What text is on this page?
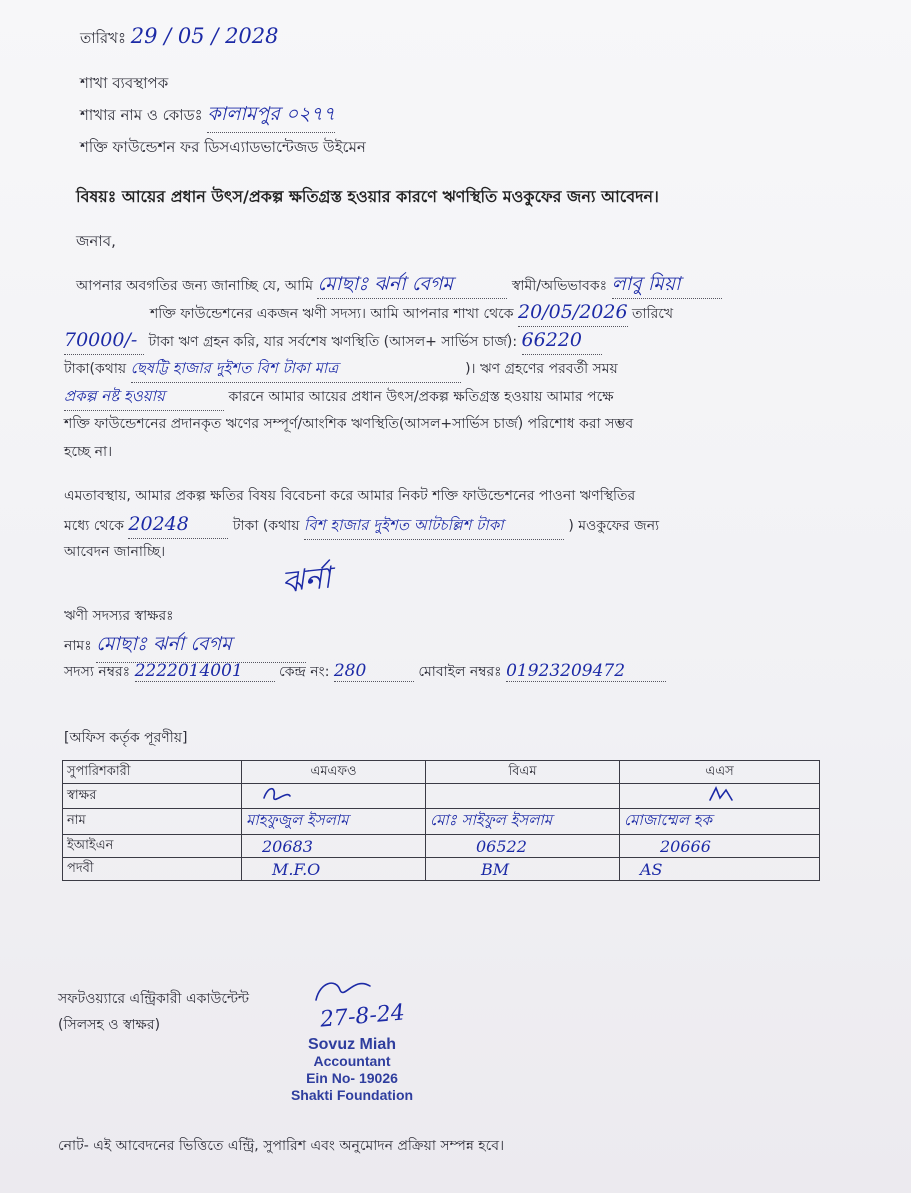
তারিখঃ 29 / 05 / 2028
শাখা ব্যবস্থাপক
শাখার নাম ও কোডঃ কালামপুর ০২৭৭
শক্তি ফাউন্ডেশন ফর ডিসএ্যাডভান্টেজড উইমেন
বিষয়ঃ আয়ের প্রধান উৎস/প্রকল্প ক্ষতিগ্রস্ত হওয়ার কারণে ঋণস্থিতি মওকুফের জন্য আবেদন।
জনাব,
আপনার অবগতির জন্য জানাচ্ছি যে, আমি মোছাঃ ঝর্না বেগম	স্বামী/অভিভাবকঃ লাবু মিয়া
শক্তি ফাউন্ডেশনের একজন ঋণী সদস্য। আমি আপনার শাখা থেকে 20/05/2026 তারিখে
70000/- টাকা ঋণ গ্রহন করি, যার সর্বশেষ ঋণস্থিতি (আসল+ সার্ভিস চার্জ): 66220
টাকা(কথায় ছেষট্টি হাজার দুইশত বিশ টাকা মাত্র	)। ঋণ গ্রহণের পরবর্তী সময়
প্রকল্প নষ্ট হওয়ায়	কারনে আমার আয়ের প্রধান উৎস/প্রকল্প ক্ষতিগ্রস্ত হওয়ায় আমার পক্ষে
শক্তি ফাউন্ডেশনের প্রদানকৃত ঋণের সম্পূর্ণ/আংশিক ঋণস্থিতি(আসল+সার্ভিস চার্জ) পরিশোধ করা সম্ভব
হচ্ছে না।
এমতাবস্থায়, আমার প্রকল্প ক্ষতির বিষয় বিবেচনা করে আমার নিকট শক্তি ফাউন্ডেশনের পাওনা ঋণস্থিতির
মধ্যে থেকে 20248	টাকা (কথায় বিশ হাজার দুইশত আটচল্লিশ টাকা	) মওকুফের জন্য
আবেদন জানাচ্ছি।
ঝর্না
ঋণী সদস্যর স্বাক্ষরঃ
নামঃ মোছাঃ ঝর্না বেগম
সদস্য নম্বরঃ 2222014001	কেন্দ্র নং: 280	মোবাইল নম্বরঃ 01923209472
[অফিস কর্তৃক পূরণীয়]
সুপারিশকারী	এমএফও	বিএম	এএস
স্বাক্ষর			
নাম	মাহফুজুল ইসলাম	মোঃ সাইফুল ইসলাম	মোজাম্মেল হক
ইআইএন	20683	06522	20666
পদবী	M.F.O	BM	AS
সফটওয়্যারে এন্ট্রিকারী একাউন্টেন্ট
(সিলসহ ও স্বাক্ষর)	27-8-24
Sovuz Miah
Accountant
Ein No- 19026
Shakti Foundation
নোট- এই আবেদনের ভিত্তিতে এন্ট্রি, সুপারিশ এবং অনুমোদন প্রক্রিয়া সম্পন্ন হবে।
